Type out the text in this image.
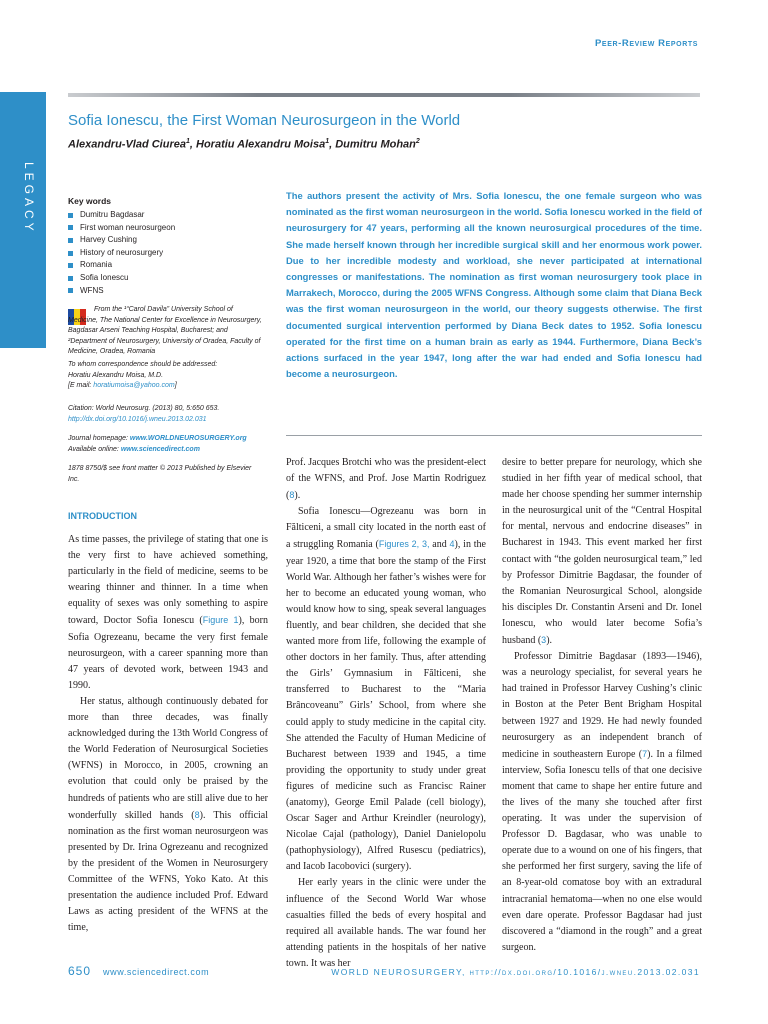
Peer-Review Reports
LEGACY
Sofia Ionescu, the First Woman Neurosurgeon in the World
Alexandru-Vlad Ciurea$^1$, Horatiu Alexandru Moisa$^1$, Dumitru Mohan$^2$
Key words
Dumitru Bagdasar
First woman neurosurgeon
Harvey Cushing
History of neurosurgery
Romania
Sofia Ionescu
WFNS
From the ¹“Carol Davila” University School of Medicine, The National Center for Excellence in Neurosurgery, Bagdasar Arseni Teaching Hospital, Bucharest; and ²Department of Neurosurgery, University of Oradea, Faculty of Medicine, Oradea, Romania
To whom correspondence should be addressed:
Horatiu Alexandru Moisa, M.D.
[E mail: horatiumoisa@yahoo.com]
Citation: World Neurosurg. (2013) 80, 5:650 653.
http://dx.doi.org/10.1016/j.wneu.2013.02.031
Journal homepage: www.WORLDNEUROSURGERY.org
Available online: www.sciencedirect.com
1878 8750/$ see front matter © 2013 Published by Elsevier Inc.
The authors present the activity of Mrs. Sofia Ionescu, the one female surgeon who was nominated as the first woman neurosurgeon in the world. Sofia Ionescu worked in the field of neurosurgery for 47 years, performing all the known neurosurgical procedures of the time. She made herself known through her incredible surgical skill and her enormous work power. Due to her incredible modesty and workload, she never participated at international congresses or manifestations. The nomination as first woman neurosurgery took place in Marrakech, Morocco, during the 2005 WFNS Congress. Although some claim that Diana Beck was the first woman neurosurgeon in the world, our theory suggests otherwise. The first documented surgical intervention performed by Diana Beck dates to 1952. Sofia Ionescu operated for the first time on a human brain as early as 1944. Furthermore, Diana Beck’s actions surfaced in the year 1947, long after the war had ended and Sofia Ionescu had become a neurosurgeon.
INTRODUCTION

As time passes, the privilege of stating that one is the very first to have achieved something, particularly in the field of medicine, seems to be wearing thinner and thinner. In a time when equality of sexes was only something to aspire toward, Doctor Sofia Ionescu (Figure 1), born Sofia Ogrezeanu, became the very first female neurosurgeon, with a career spanning more than 47 years of devoted work, between 1943 and 1990.

Her status, although continuously debated for more than three decades, was finally acknowledged during the 13th World Congress of the World Federation of Neurosurgical Societies (WFNS) in Morocco, in 2005, crowning an evolution that could only be praised by the hundreds of patients who are still alive due to her wonderfully skilled hands (8). This official nomination as the first woman neurosurgeon was presented by Dr. Irina Ogrezeanu and recognized by the president of the Women in Neurosurgery Committee of the WFNS, Yoko Kato. At this presentation the audience included Prof. Edward Laws as acting president of the WFNS at the time,

Prof. Jacques Brotchi who was the president-elect of the WFNS, and Prof. Jose Martin Rodriguez (8).

Sofia Ionescu—Ogrezeanu was born in Fălticeni, a small city located in the north east of a struggling Romania (Figures 2, 3, and 4), in the year 1920, a time that bore the stamp of the First World War. Although her father’s wishes were for her to become an educated young woman, who would know how to sing, speak several languages fluently, and bear children, she decided that she wanted more from life, following the example of other doctors in her family. Thus, after attending the Girls’ Gymnasium in Fălticeni, she transferred to Bucharest to the “Maria Brâncoveanu” Girls’ School, from where she could apply to study medicine in the capital city. She attended the Faculty of Human Medicine of Bucharest between 1939 and 1945, a time providing the opportunity to study under great figures of medicine such as Francisc Rainer (anatomy), George Emil Palade (cell biology), Oscar Sager and Arthur Kreindler (neurology), Nicolae Cajal (pathology), Daniel Danielopolu (pathophysiology), Alfred Rusescu (pediatrics), and Iacob Iacobovici (surgery).

Her early years in the clinic were under the influence of the Second World War whose casualties filled the beds of every hospital and required all available hands. The war found her attending patients in the hospitals of her native town. It was her

desire to better prepare for neurology, which she studied in her fifth year of medical school, that made her choose spending her summer internship in the neurosurgical unit of the “Central Hospital for mental, nervous and endocrine diseases” in Bucharest in 1943. This event marked her first contact with “the golden neurosurgical team,” led by Professor Dimitrie Bagdasar, the founder of the Romanian Neurosurgical School, alongside his disciples Dr. Constantin Arseni and Dr. Ionel Ionescu, who would later become Sofia’s husband (3).

Professor Dimitrie Bagdasar (1893—1946), was a neurology specialist, for several years he had trained in Professor Harvey Cushing’s clinic in Boston at the Peter Bent Brigham Hospital between 1927 and 1929. He had newly founded neurosurgery as an independent branch of medicine in southeastern Europe (7). In a filmed interview, Sofia Ionescu tells of that one decisive moment that came to shape her entire future and the lives of the many she touched after first operating. It was under the supervision of Professor D. Bagdasar, who was unable to operate due to a wound on one of his fingers, that she performed her first surgery, saving the life of an 8-year-old comatose boy with an extradural intracranial hematoma—when no one else would even dare operate. Professor Bagdasar had just discovered a “diamond in the rough” and a great surgeon.

650 www.sciencedirect.com	WORLD NEUROSURGERY, http://dx.doi.org/10.1016/j.wneu.2013.02.031
